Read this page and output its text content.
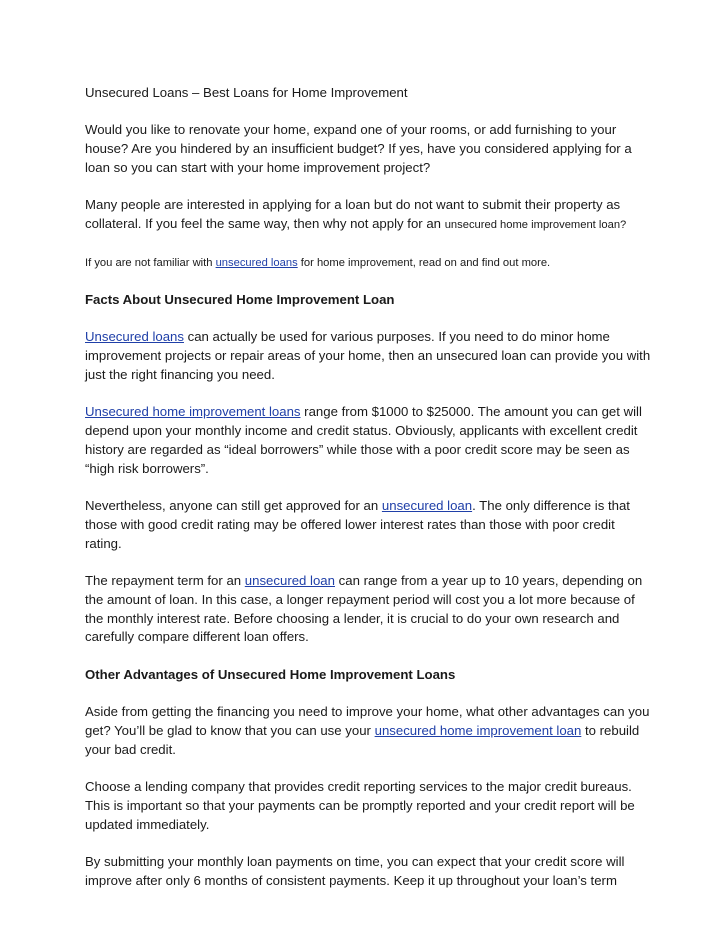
Unsecured Loans – Best Loans for Home Improvement

Would you like to renovate your home, expand one of your rooms, or add furnishing to your house? Are you hindered by an insufficient budget? If yes, have you considered applying for a loan so you can start with your home improvement project?

Many people are interested in applying for a loan but do not want to submit their property as collateral. If you feel the same way, then why not apply for an unsecured home improvement loan?

If you are not familiar with unsecured loans for home improvement, read on and find out more.

Facts About Unsecured Home Improvement Loan

Unsecured loans can actually be used for various purposes. If you need to do minor home improvement projects or repair areas of your home, then an unsecured loan can provide you with just the right financing you need.

Unsecured home improvement loans range from $1000 to $25000. The amount you can get will depend upon your monthly income and credit status. Obviously, applicants with excellent credit history are regarded as “ideal borrowers” while those with a poor credit score may be seen as “high risk borrowers”.

Nevertheless, anyone can still get approved for an unsecured loan. The only difference is that those with good credit rating may be offered lower interest rates than those with poor credit rating.

The repayment term for an unsecured loan can range from a year up to 10 years, depending on the amount of loan. In this case, a longer repayment period will cost you a lot more because of the monthly interest rate. Before choosing a lender, it is crucial to do your own research and carefully compare different loan offers.

Other Advantages of Unsecured Home Improvement Loans

Aside from getting the financing you need to improve your home, what other advantages can you get? You’ll be glad to know that you can use your unsecured home improvement loan to rebuild your bad credit.

Choose a lending company that provides credit reporting services to the major credit bureaus. This is important so that your payments can be promptly reported and your credit report will be updated immediately.

By submitting your monthly loan payments on time, you can expect that your credit score will improve after only 6 months of consistent payments. Keep it up throughout your loan’s term
